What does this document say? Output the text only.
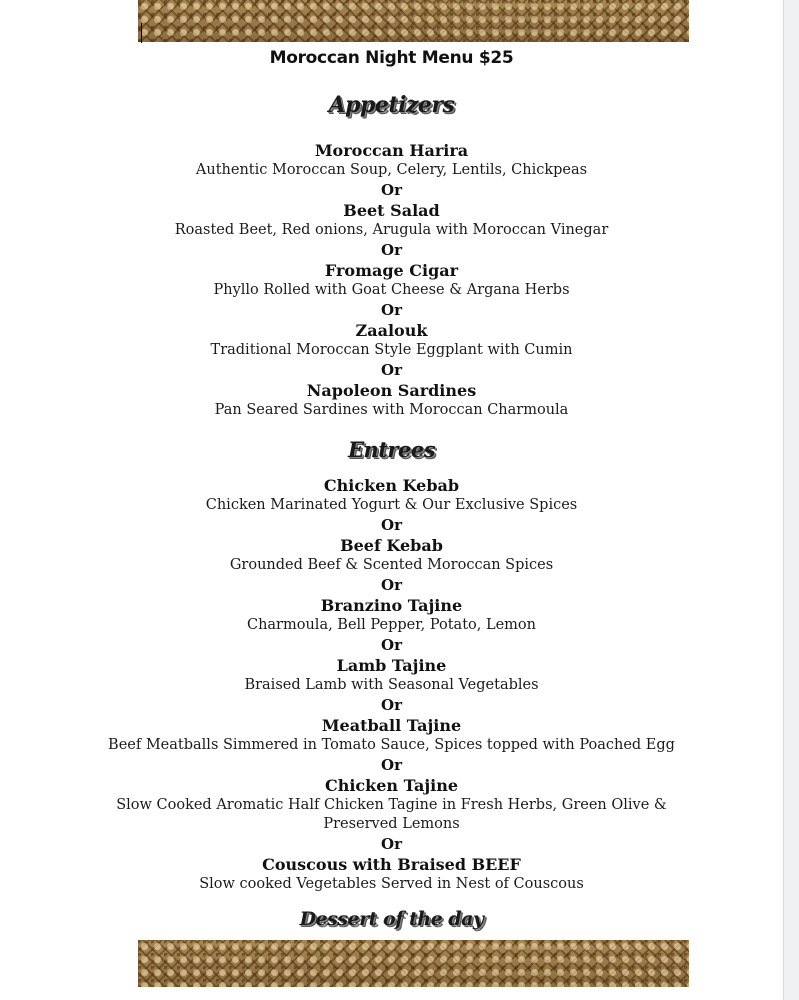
Moroccan Night Menu $25
Appetizers
Moroccan Harira
Authentic Moroccan Soup, Celery, Lentils, Chickpeas
Or
Beet Salad
Roasted Beet, Red onions, Arugula with Moroccan Vinegar
Or
Fromage Cigar
Phyllo Rolled with Goat Cheese & Argana Herbs
Or
Zaalouk
Traditional Moroccan Style Eggplant with Cumin
Or
Napoleon Sardines
Pan Seared Sardines with Moroccan Charmoula
Entrees
Chicken Kebab
Chicken Marinated Yogurt & Our Exclusive Spices
Or
Beef Kebab
Grounded Beef & Scented Moroccan Spices
Or
Branzino Tajine
Charmoula, Bell Pepper, Potato, Lemon
Or
Lamb Tajine
Braised Lamb with Seasonal Vegetables
Or
Meatball Tajine
Beef Meatballs Simmered in Tomato Sauce, Spices topped with Poached Egg
Or
Chicken Tajine
Slow Cooked Aromatic Half Chicken Tagine in Fresh Herbs, Green Olive & Preserved Lemons
Or
Couscous with Braised BEEF
Slow cooked Vegetables Served in Nest of Couscous
Dessert of the day
